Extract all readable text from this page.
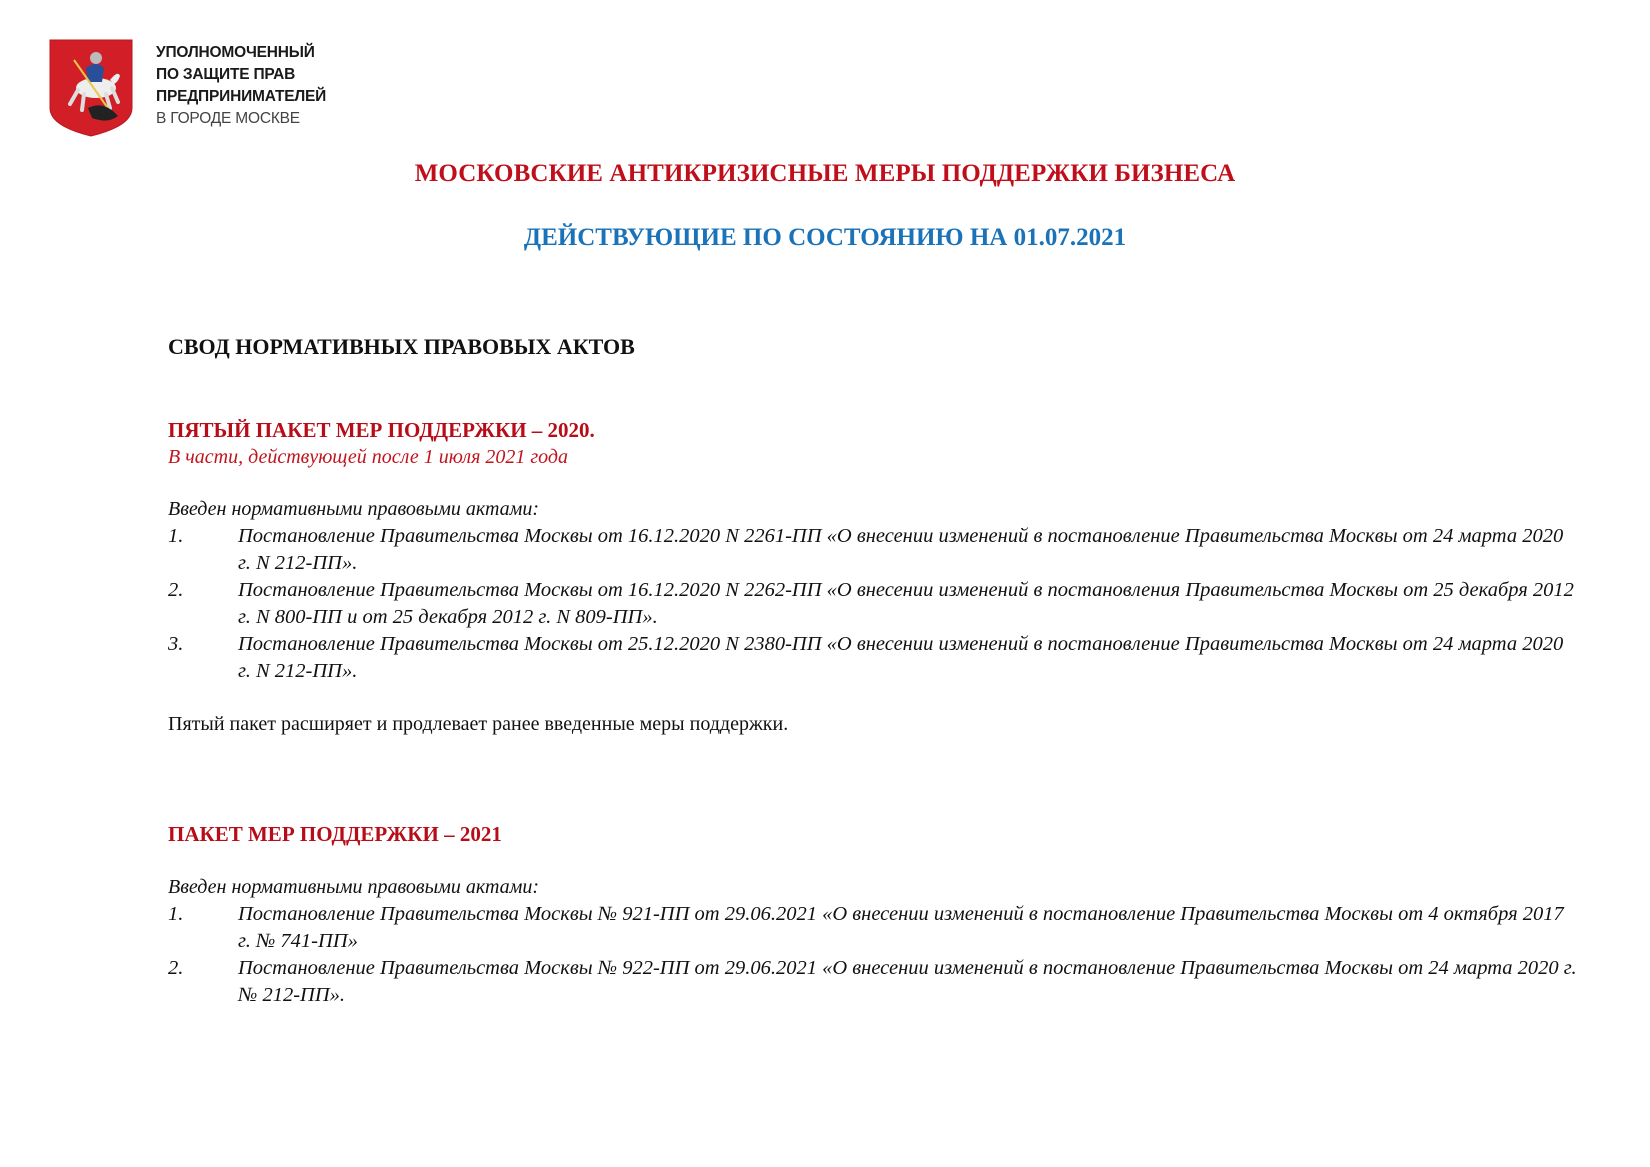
УПОЛНОМОЧЕННЫЙ
ПО ЗАЩИТЕ ПРАВ
ПРЕДПРИНИМАТЕЛЕЙ
В ГОРОДЕ МОСКВЕ
МОСКОВСКИЕ АНТИКРИЗИСНЫЕ МЕРЫ ПОДДЕРЖКИ БИЗНЕСА
ДЕЙСТВУЮЩИЕ ПО СОСТОЯНИЮ НА 01.07.2021
СВОД НОРМАТИВНЫХ ПРАВОВЫХ АКТОВ
ПЯТЫЙ ПАКЕТ МЕР ПОДДЕРЖКИ – 2020.

В части, действующей после 1 июля 2021 года

Введен нормативными правовыми актами:

1.	Постановление Правительства Москвы от 16.12.2020 N 2261-ПП «О внесении изменений в постановление Правительства Москвы от 24 марта 2020 г. N 212-ПП».
2.	Постановление Правительства Москвы от 16.12.2020 N 2262-ПП «О внесении изменений в постановления Правительства Москвы от 25 декабря 2012 г. N 800-ПП и от 25 декабря 2012 г. N 809-ПП».
3.	Постановление Правительства Москвы от 25.12.2020 N 2380-ПП «О внесении изменений в постановление Правительства Москвы от 24 марта 2020 г. N 212-ПП».

Пятый пакет расширяет и продлевает ранее введенные меры поддержки.

ПАКЕТ МЕР ПОДДЕРЖКИ – 2021

Введен нормативными правовыми актами:

1.	Постановление Правительства Москвы № 921-ПП от 29.06.2021 «О внесении изменений в постановление Правительства Москвы от 4 октября 2017 г. № 741-ПП»
2.	Постановление Правительства Москвы № 922-ПП от 29.06.2021 «О внесении изменений в постановление Правительства Москвы от 24 марта 2020 г. № 212-ПП».
